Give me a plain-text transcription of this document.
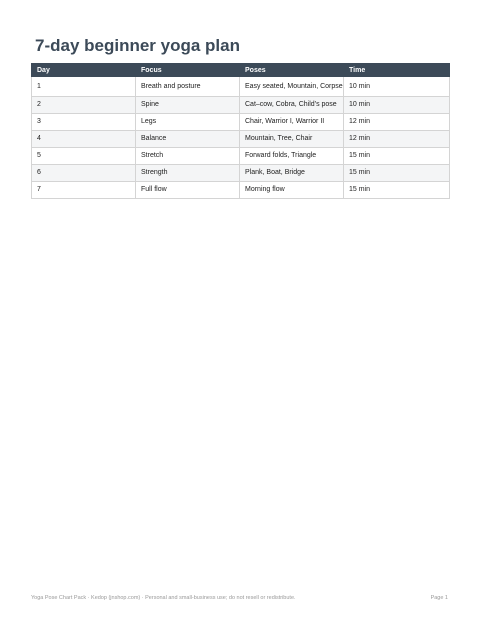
7-day beginner yoga plan
Day	Focus	Poses	Time
1	Breath and posture	Easy seated, Mountain, Corpse	10 min
2	Spine	Cat–cow, Cobra, Child’s pose	10 min
3	Legs	Chair, Warrior I, Warrior II	12 min
4	Balance	Mountain, Tree, Chair	12 min
5	Stretch	Forward folds, Triangle	15 min
6	Strength	Plank, Boat, Bridge	15 min
7	Full flow	Morning flow	15 min
Yoga Pose Chart Pack · Kedop (jnshop.com) · Personal and small-business use; do not resell or redistribute.	Page 1
